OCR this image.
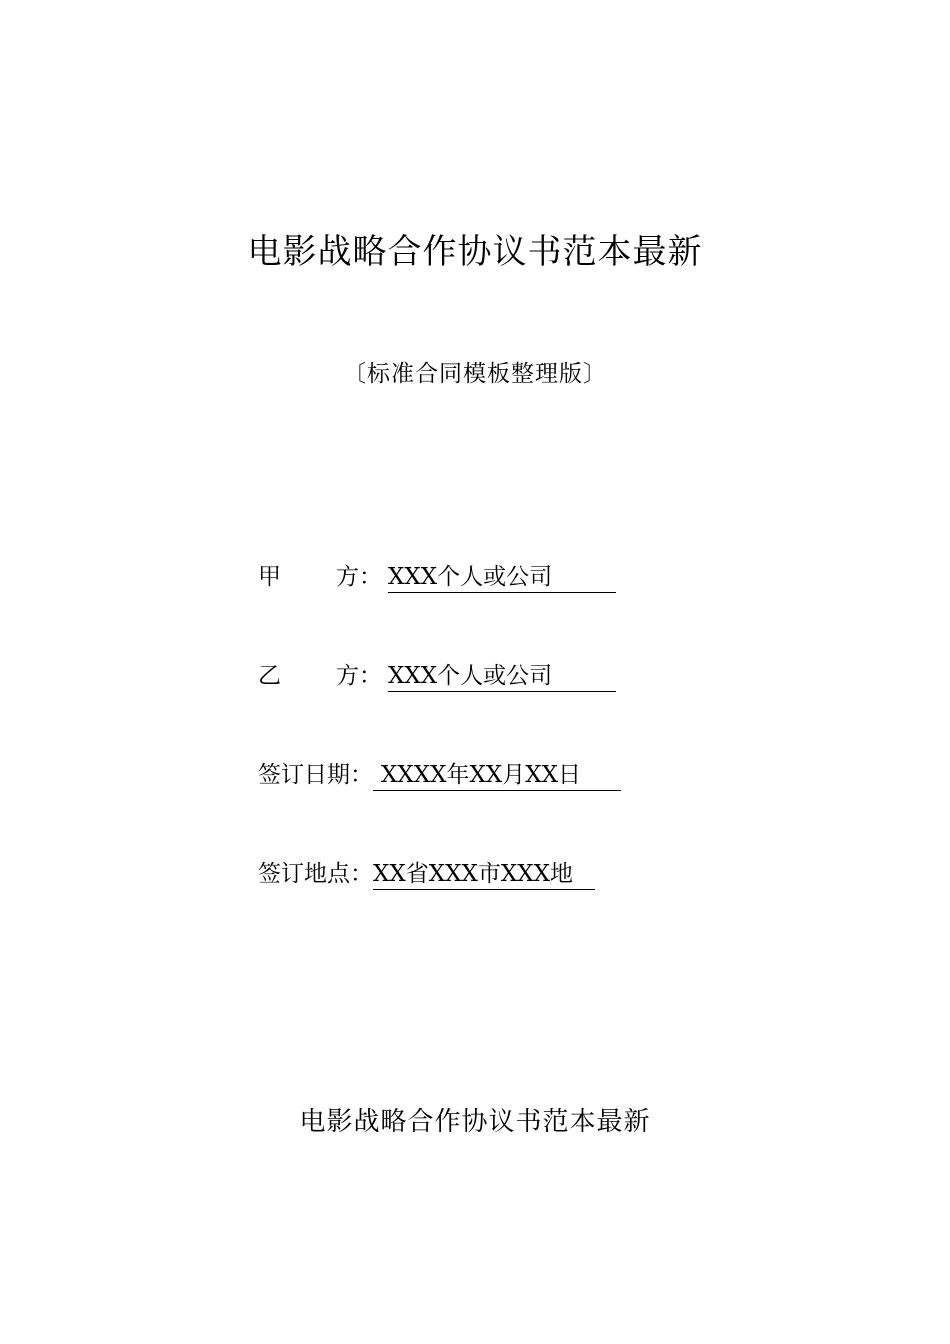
电影战略合作协议书范本最新
〔标准合同模板整理版〕
甲 方： XXX个人或公司
乙 方： XXX个人或公司
签订日期： XXXX年XX月XX日
签订地点：XX省XXX市XXX地
电影战略合作协议书范本最新
